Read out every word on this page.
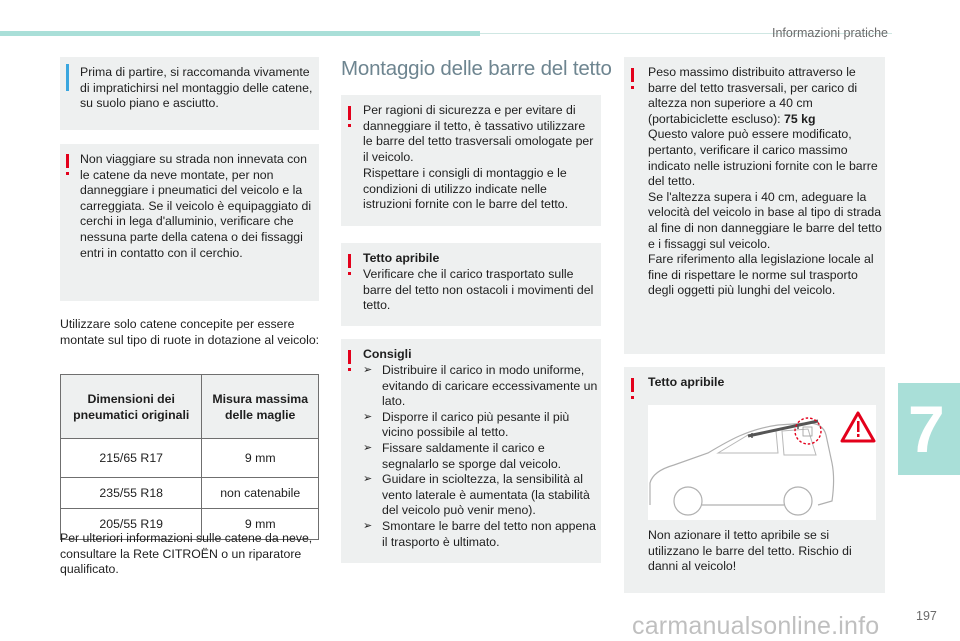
Informazioni pratiche

Prima di partire, si raccomanda vivamente di impratichirsi nel montaggio delle catene, su suolo piano e asciutto.

Non viaggiare su strada non innevata con le catene da neve montate, per non danneggiare i pneumatici del veicolo e la carreggiata. Se il veicolo è equipaggiato di cerchi in lega d'alluminio, verificare che nessuna parte della catena o dei fissaggi entri in contatto con il cerchio.

Utilizzare solo catene concepite per essere montate sul tipo di ruote in dotazione al veicolo:

Dimensioni dei pneumatici originali	Misura massima delle maglie
215/65 R17	9 mm
235/55 R18	non catenabile
205/55 R19	9 mm

Per ulteriori informazioni sulle catene da neve, consultare la Rete CITROËN o un riparatore qualificato.

Montaggio delle barre del tetto

Per ragioni di sicurezza e per evitare di danneggiare il tetto, è tassativo utilizzare le barre del tetto trasversali omologate per il veicolo.

Rispettare i consigli di montaggio e le condizioni di utilizzo indicate nelle istruzioni fornite con le barre del tetto.

Tetto apribile

Verificare che il carico trasportato sulle barre del tetto non ostacoli i movimenti del tetto.

Consigli

➢ Distribuire il carico in modo uniforme, evitando di caricare eccessivamente un lato.
➢ Disporre il carico più pesante il più vicino possibile al tetto.
➢ Fissare saldamente il carico e segnalarlo se sporge dal veicolo.
➢ Guidare in scioltezza, la sensibilità al vento laterale è aumentata (la stabilità del veicolo può venir meno).
➢ Smontare le barre del tetto non appena il trasporto è ultimato.

Peso massimo distribuito attraverso le barre del tetto trasversali, per carico di altezza non superiore a 40 cm (portabiciclette escluso): 75 kg

Questo valore può essere modificato, pertanto, verificare il carico massimo indicato nelle istruzioni fornite con le barre del tetto.

Se l'altezza supera i 40 cm, adeguare la velocità del veicolo in base al tipo di strada al fine di non danneggiare le barre del tetto e i fissaggi sul veicolo.

Fare riferimento alla legislazione locale al fine di rispettare le norme sul trasporto degli oggetti più lunghi del veicolo.

Tetto apribile

Non azionare il tetto apribile se si utilizzano le barre del tetto. Rischio di danni al veicolo!

7
carmanualsonline.info	197
